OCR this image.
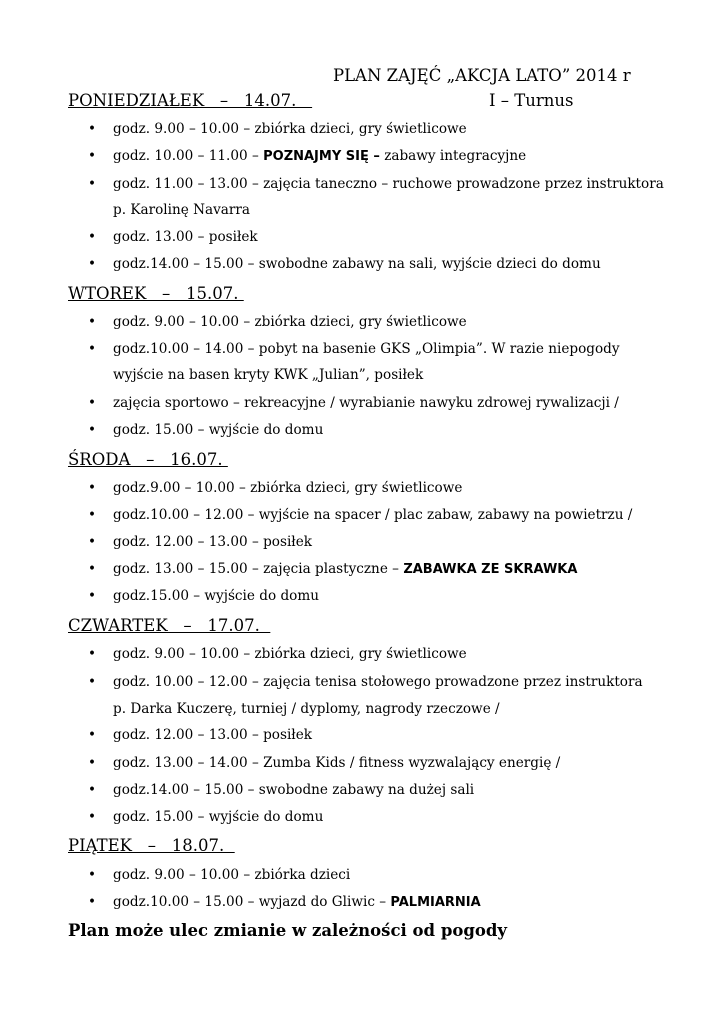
PLAN ZAJĘĆ „AKCJA LATO” 2014 r
I – Turnus
PONIEDZIAŁEK   –   14.07.
• godz. 9.00 – 10.00 – zbiórka dzieci, gry świetlicowe
• godz. 10.00 – 11.00 – POZNAJMY SIĘ – zabawy integracyjne
• godz. 11.00 – 13.00 – zajęcia taneczno – ruchowe prowadzone przez instruktora
p. Karolinę Navarra
• godz. 13.00 – posiłek
• godz.14.00 – 15.00 – swobodne zabawy na sali, wyjście dzieci do domu
WTOREK   –   15.07.
• godz. 9.00 – 10.00 – zbiórka dzieci, gry świetlicowe
• godz.10.00 – 14.00 – pobyt na basenie GKS „Olimpia”. W razie niepogody
wyjście na basen kryty KWK „Julian”, posiłek
• zajęcia sportowo – rekreacyjne / wyrabianie nawyku zdrowej rywalizacji /
• godz. 15.00 – wyjście do domu
ŚRODA   –   16.07.
• godz.9.00 – 10.00 – zbiórka dzieci, gry świetlicowe
• godz.10.00 – 12.00 – wyjście na spacer / plac zabaw, zabawy na powietrzu /
• godz. 12.00 – 13.00 – posiłek
• godz. 13.00 – 15.00 – zajęcia plastyczne – ZABAWKA ZE SKRAWKA
• godz.15.00 – wyjście do domu
CZWARTEK   –   17.07.
• godz. 9.00 – 10.00 – zbiórka dzieci, gry świetlicowe
• godz. 10.00 – 12.00 – zajęcia tenisa stołowego prowadzone przez instruktora
p. Darka Kuczerę, turniej / dyplomy, nagrody rzeczowe /
• godz. 12.00 – 13.00 – posiłek
• godz. 13.00 – 14.00 – Zumba Kids / fitness wyzwalający energię /
• godz.14.00 – 15.00 – swobodne zabawy na dużej sali
• godz. 15.00 – wyjście do domu
PIĄTEK   –   18.07.
• godz. 9.00 – 10.00 – zbiórka dzieci
• godz.10.00 – 15.00 – wyjazd do Gliwic – PALMIARNIA
Plan może ulec zmianie w zależności od pogody
